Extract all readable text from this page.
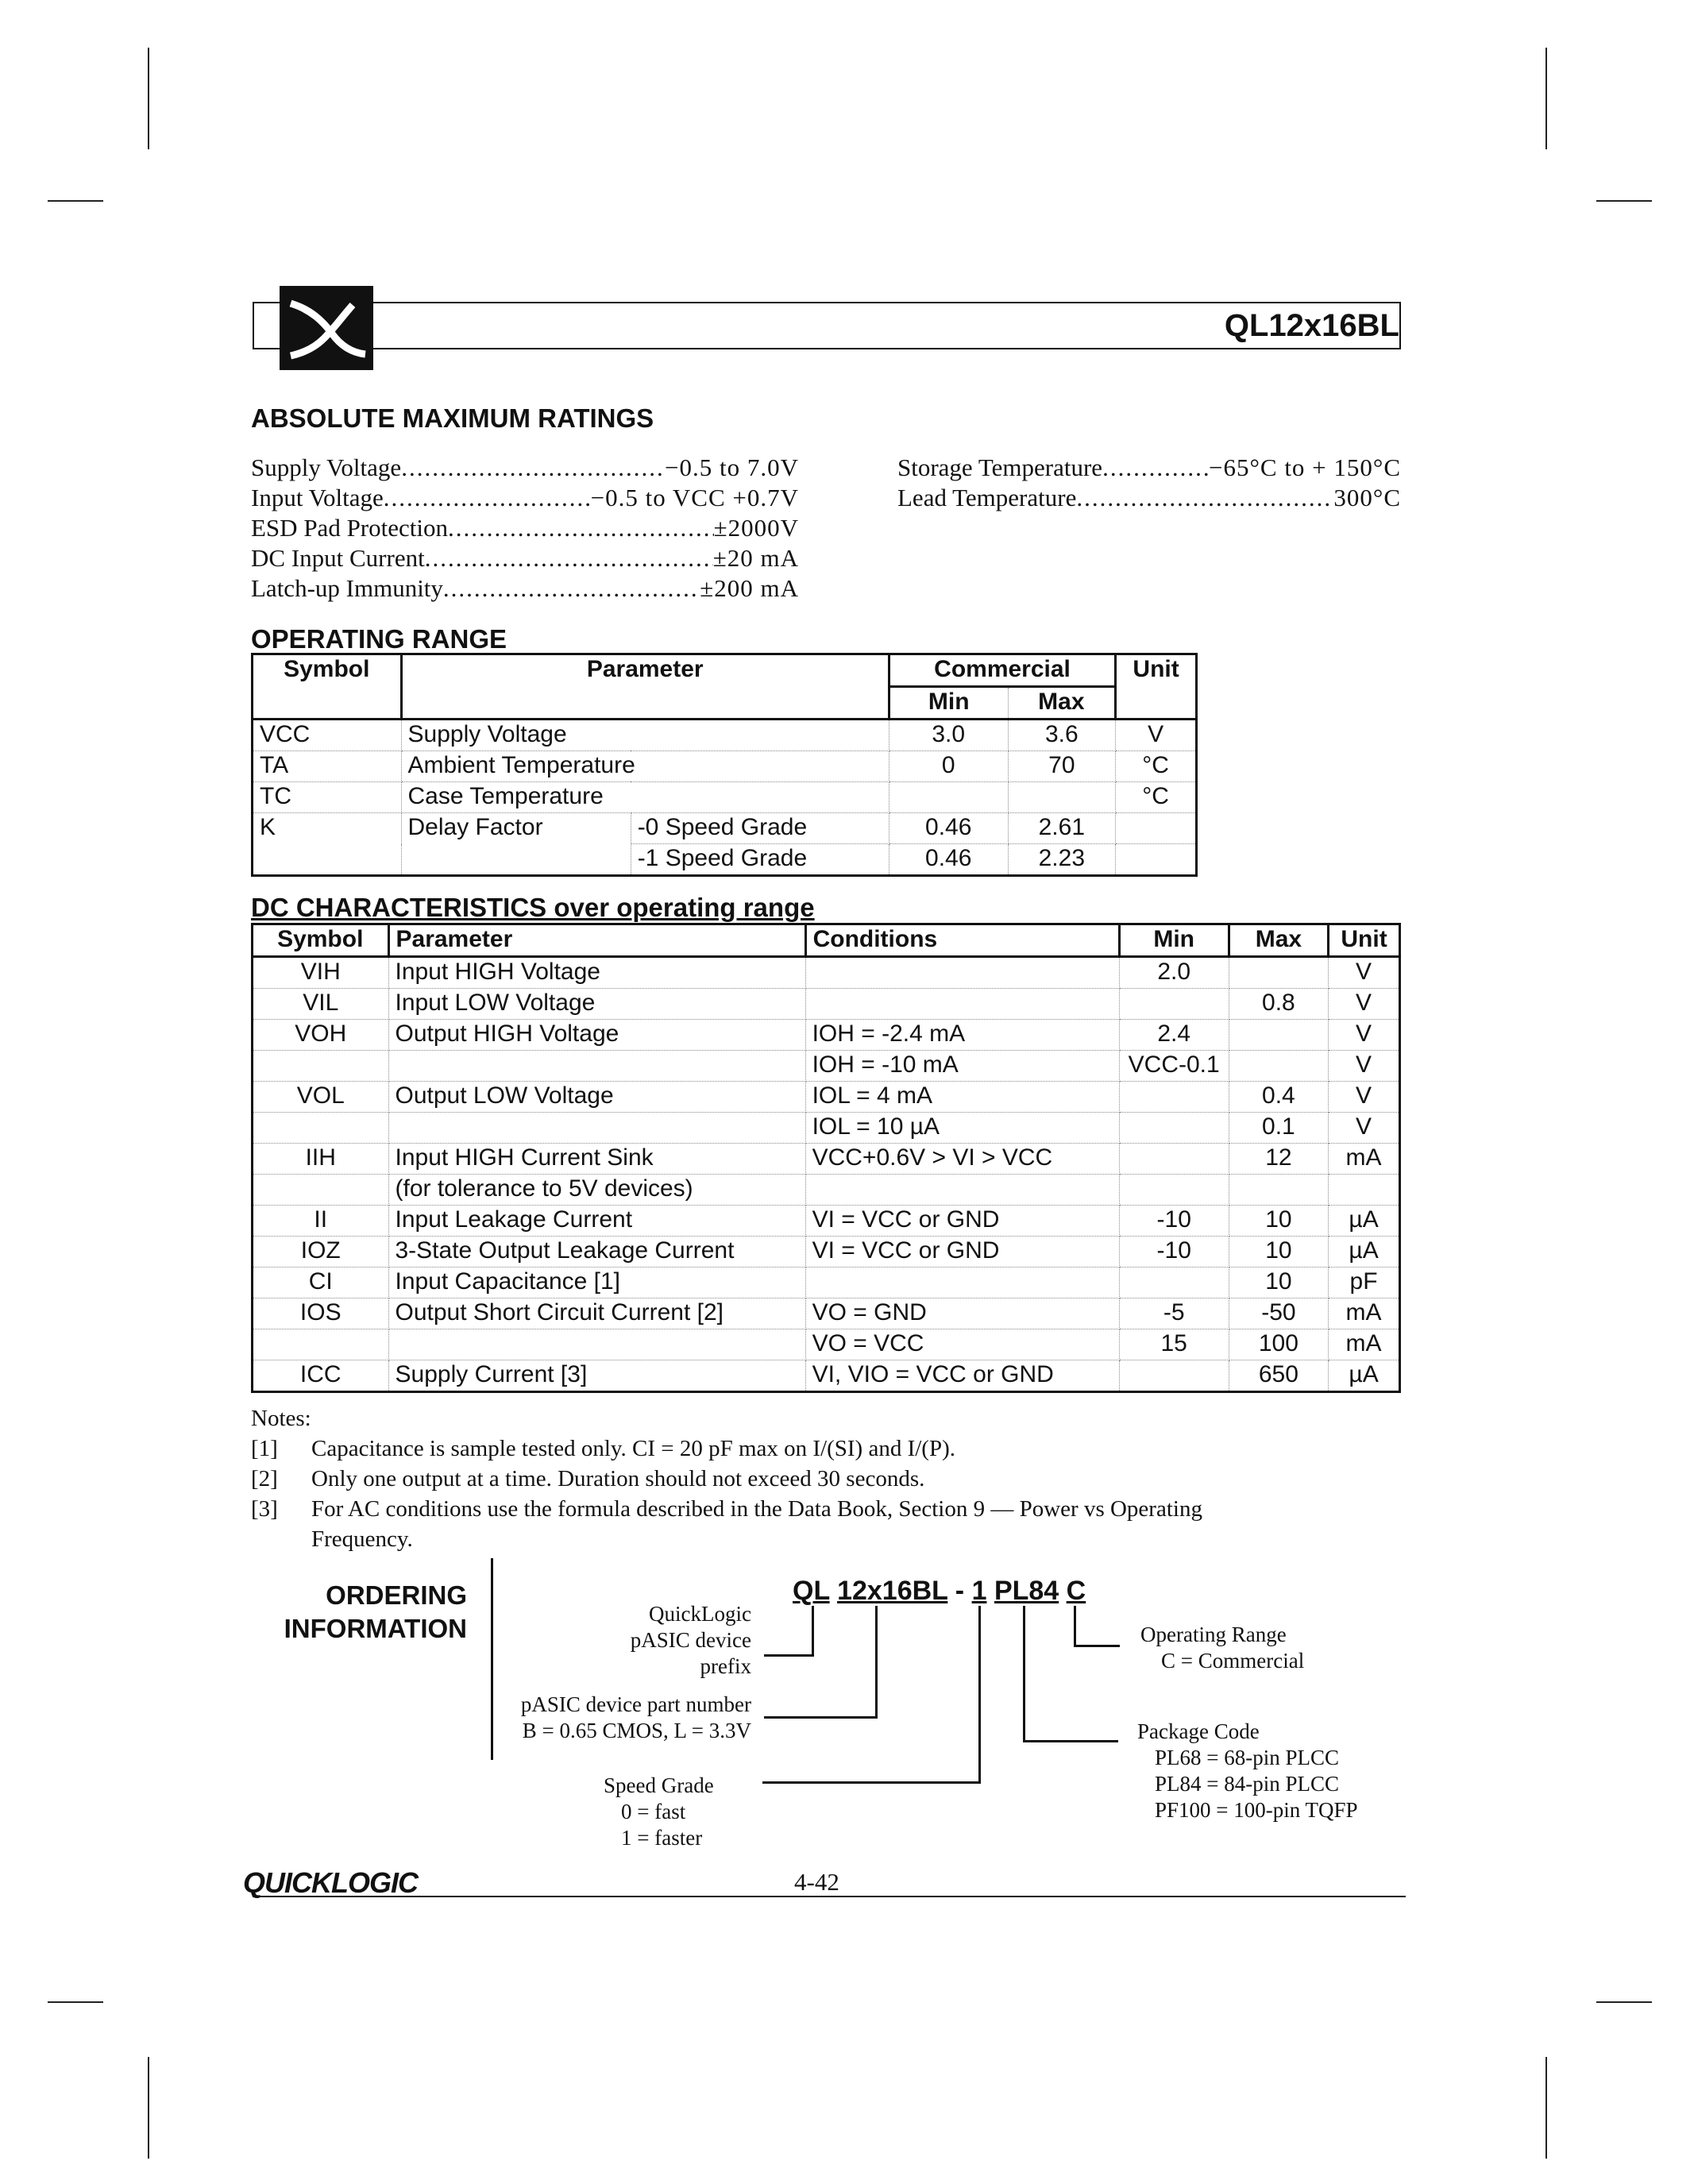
QL12x16BL
ABSOLUTE MAXIMUM RATINGS
Supply Voltage .....	−0.5 to 7.0V
Input Voltage .....	−0.5 to VCC +0.7V
ESD Pad Protection .....	±2000V
DC Input Current .....	±20 mA
Latch-up Immunity .....	±200 mA
Storage Temperature .....	−65°C to + 150°C
Lead Temperature .....	300°C
OPERATING RANGE
Symbol	Parameter		Commercial		Unit
			Min	Max	
VCC	Supply Voltage		3.0	3.6	V
TA	Ambient Temperature		0	70	°C
TC	Case Temperature				°C
K	Delay Factor	-0 Speed Grade	0.46	2.61	
		-1 Speed Grade	0.46	2.23	
DC CHARACTERISTICS over operating range
Symbol	Parameter	Conditions	Min	Max	Unit
VIH	Input HIGH Voltage		2.0		V
VIL	Input LOW Voltage			0.8	V
VOH	Output HIGH Voltage	IOH = -2.4 mA	2.4		V
		IOH = -10 mA	VCC-0.1		V
VOL	Output LOW Voltage	IOL = 4 mA		0.4	V
		IOL = 10 µA		0.1	V
IIH	Input HIGH Current Sink	VCC+0.6V > VI > VCC		12	mA
	(for tolerance to 5V devices)				
II	Input Leakage Current	VI = VCC or GND	-10	10	µA
IOZ	3-State Output Leakage Current	VI = VCC or GND	-10	10	µA
CI	Input Capacitance [1]			10	pF
IOS	Output Short Circuit Current [2]	VO = GND	-5	-50	mA
		VO = VCC	15	100	mA
ICC	Supply Current [3]	VI, VIO = VCC or GND		650	µA
Notes:
[1] Capacitance is sample tested only. CI = 20 pF max on I/(SI) and I/(P).
[2] Only one output at a time. Duration should not exceed 30 seconds.
[3] For AC conditions use the formula described in the Data Book, Section 9 — Power vs Operating
Frequency.
ORDERING
INFORMATION
QL 12x16BL - 1 PL84 C
QuickLogic
pASIC device
prefix
pASIC device part number
B = 0.65 CMOS, L = 3.3V
Speed Grade
0 = fast
1 = faster
Operating Range
C = Commercial
Package Code
PL68 = 68-pin PLCC
PL84 = 84-pin PLCC
PF100 = 100-pin TQFP
QUICKLOGIC	4-42
